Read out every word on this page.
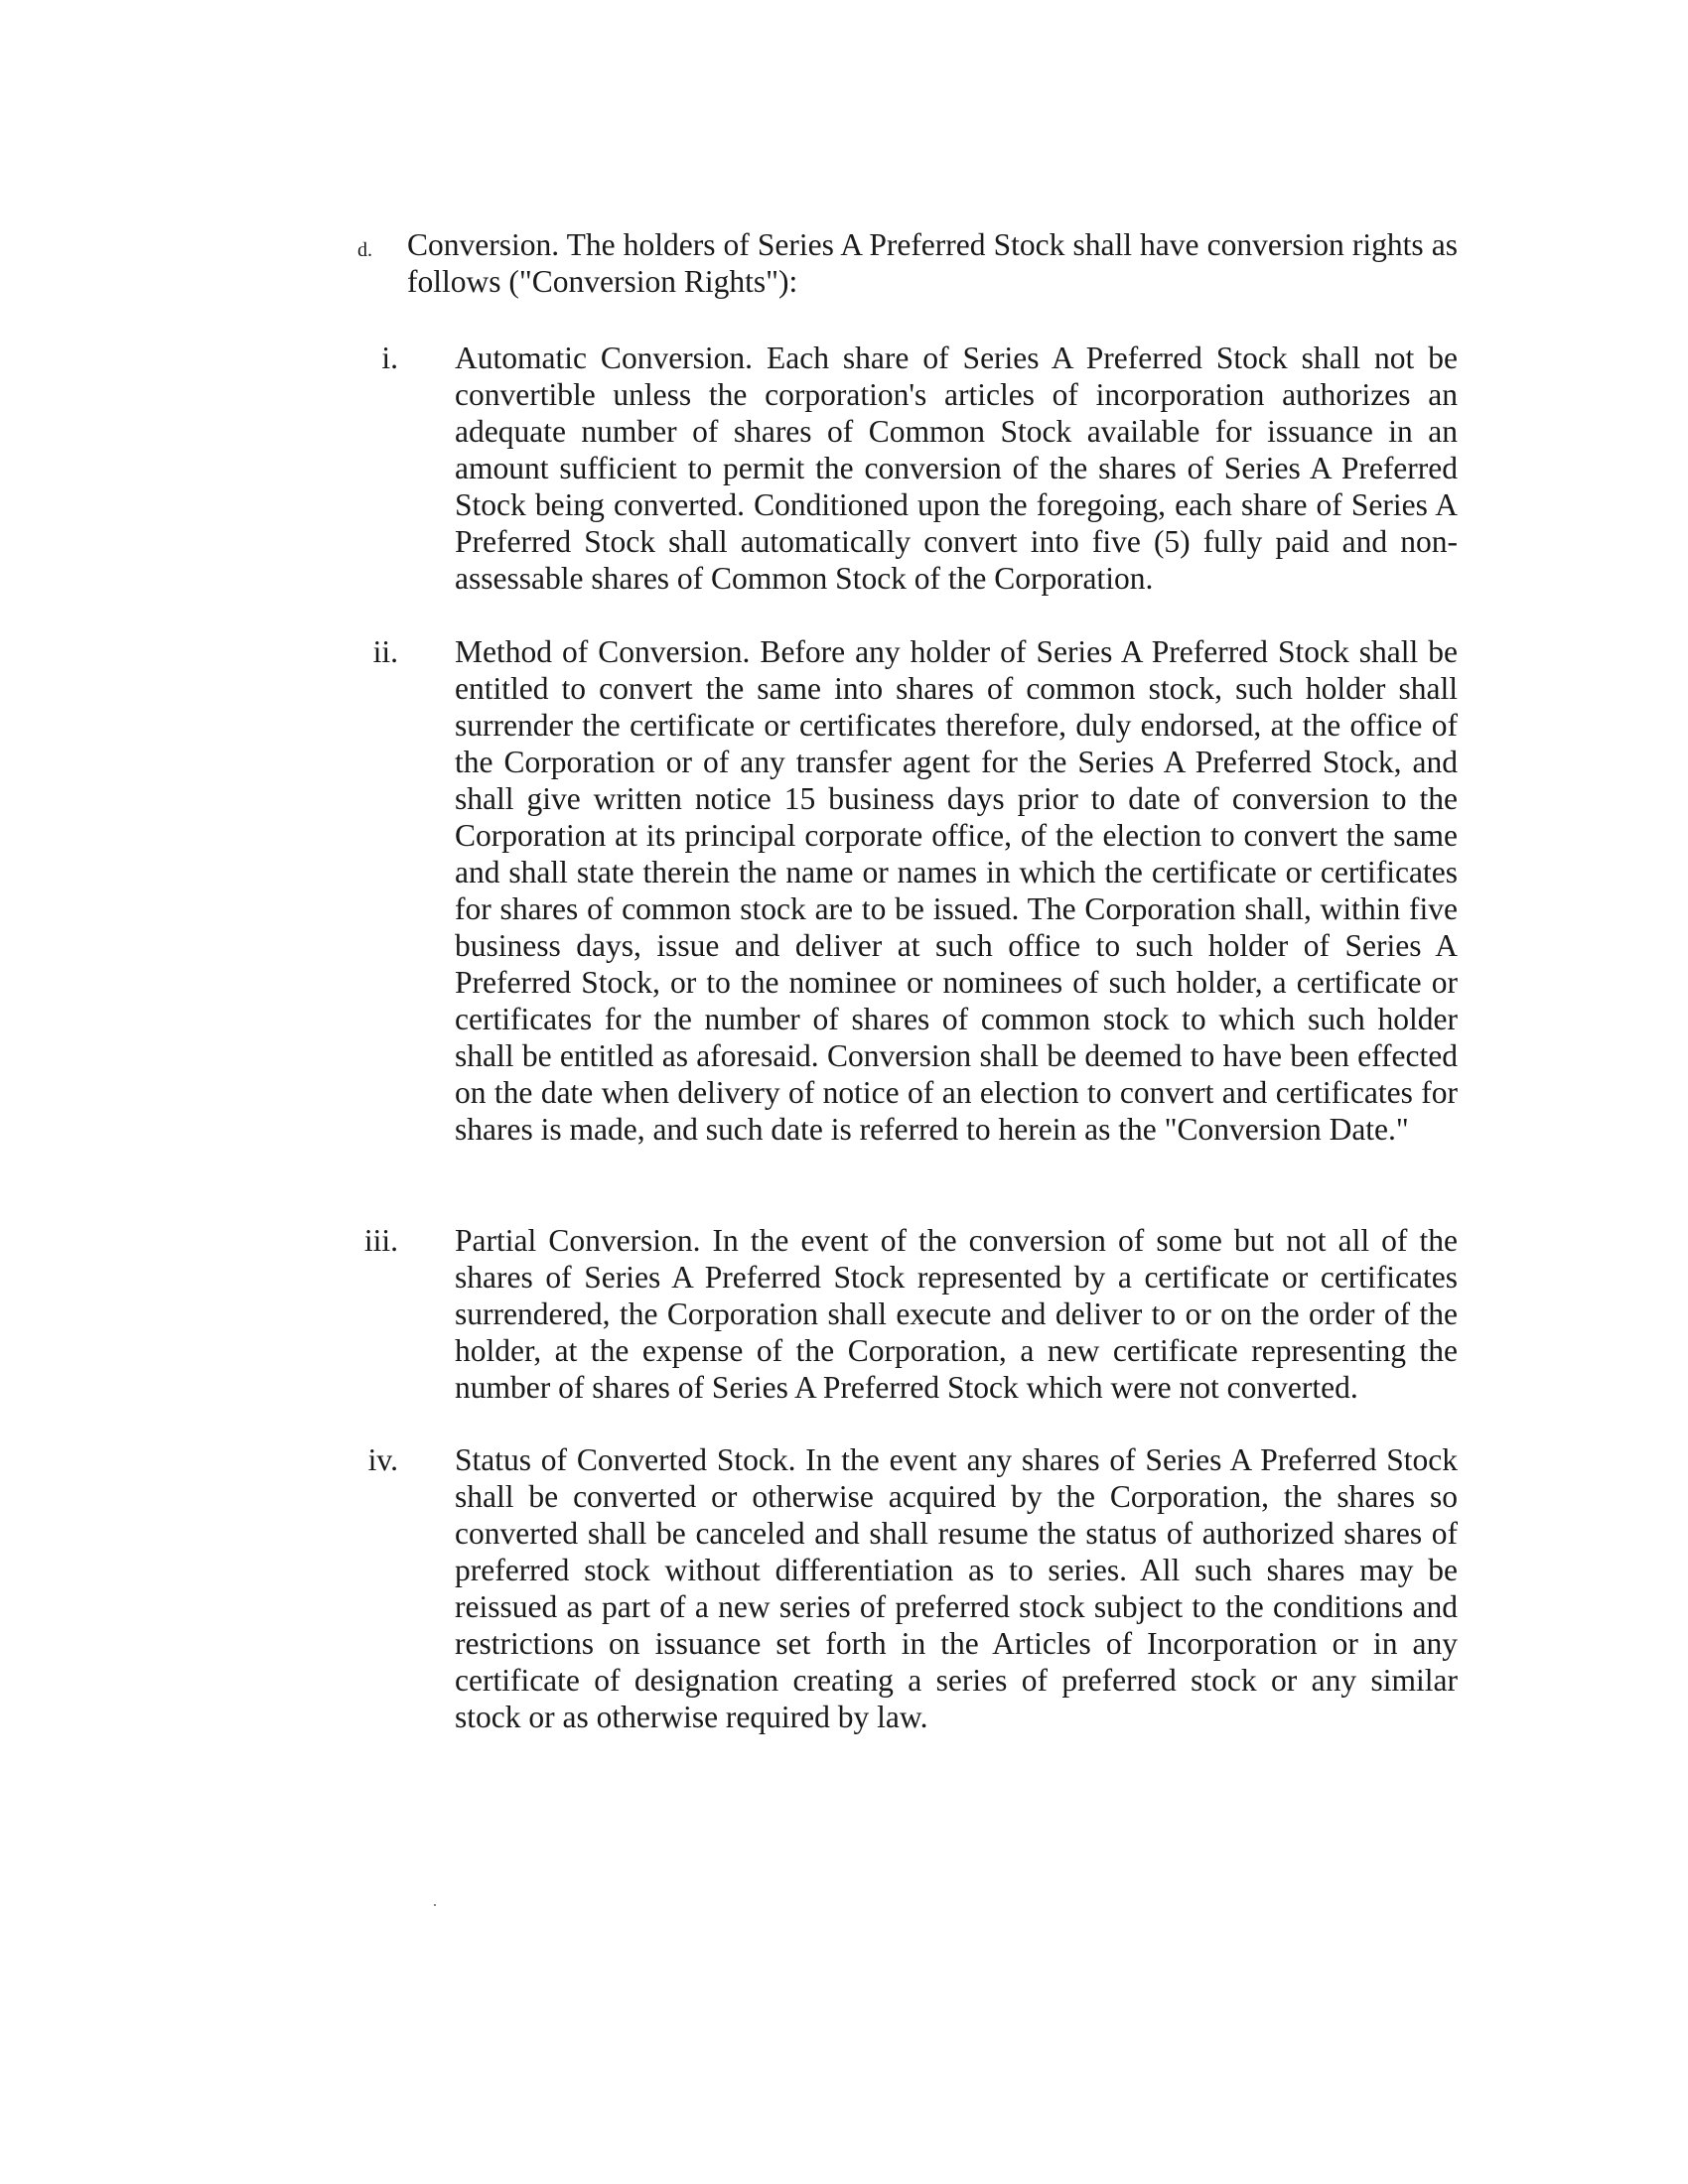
d. Conversion. The holders of Series A Preferred Stock shall have conversion rights as follows ("Conversion Rights"):

i. Automatic Conversion. Each share of Series A Preferred Stock shall not be convertible unless the corporation's articles of incorporation authorizes an adequate number of shares of Common Stock available for issuance in an amount sufficient to permit the conversion of the shares of Series A Preferred Stock being converted. Conditioned upon the foregoing, each share of Series A Preferred Stock shall automatically convert into five (5) fully paid and non-assessable shares of Common Stock of the Corporation.
ii. Method of Conversion. Before any holder of Series A Preferred Stock shall be entitled to convert the same into shares of common stock, such holder shall surrender the certificate or certificates therefore, duly endorsed, at the office of the Corporation or of any transfer agent for the Series A Preferred Stock, and shall give written notice 15 business days prior to date of conversion to the Corporation at its principal corporate office, of the election to convert the same and shall state therein the name or names in which the certificate or certificates for shares of common stock are to be issued. The Corporation shall, within five business days, issue and deliver at such office to such holder of Series A Preferred Stock, or to the nominee or nominees of such holder, a certificate or certificates for the number of shares of common stock to which such holder shall be entitled as aforesaid. Conversion shall be deemed to have been effected on the date when delivery of notice of an election to convert and certificates for shares is made, and such date is referred to herein as the "Conversion Date."
iii. Partial Conversion. In the event of the conversion of some but not all of the shares of Series A Preferred Stock represented by a certificate or certificates surrendered, the Corporation shall execute and deliver to or on the order of the holder, at the expense of the Corporation, a new certificate representing the number of shares of Series A Preferred Stock which were not converted.
iv. Status of Converted Stock. In the event any shares of Series A Preferred Stock shall be converted or otherwise acquired by the Corporation, the shares so converted shall be canceled and shall resume the status of authorized shares of preferred stock without differentiation as to series. All such shares may be reissued as part of a new series of preferred stock subject to the conditions and restrictions on issuance set forth in the Articles of Incorporation or in any certificate of designation creating a series of preferred stock or any similar stock or as otherwise required by law.
